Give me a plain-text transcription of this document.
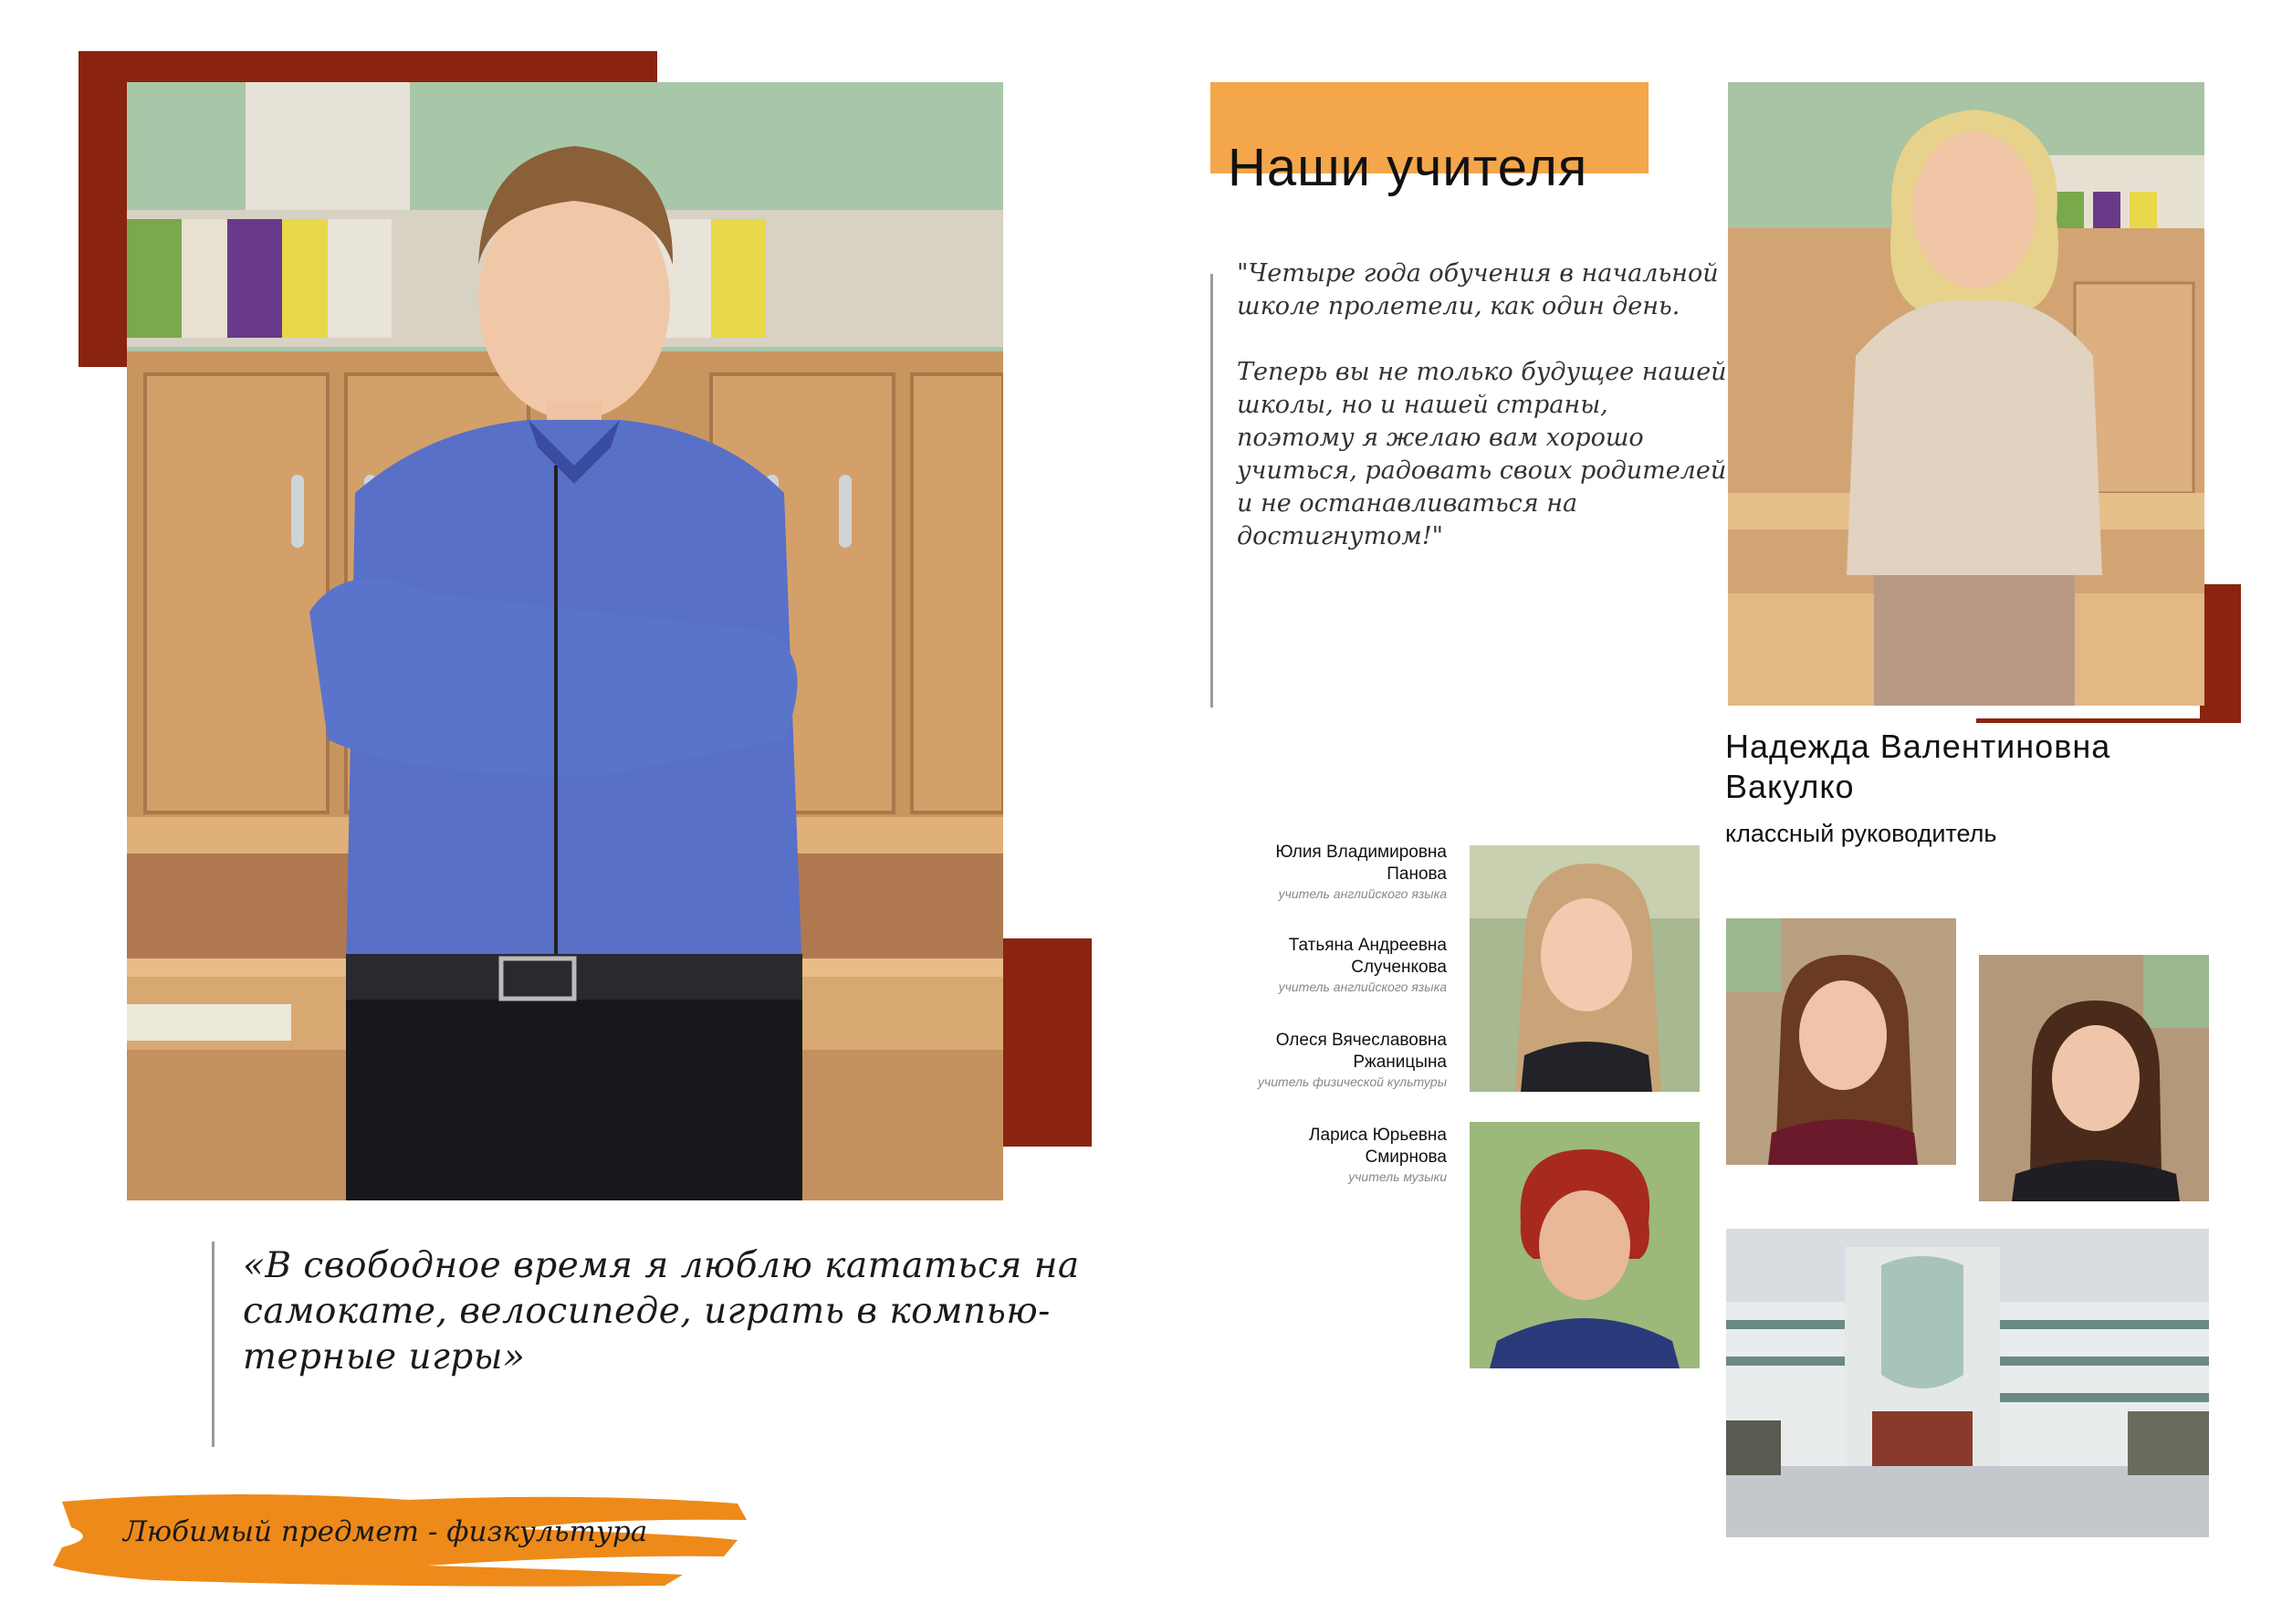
«В свободное время я люблю кататься на самокате, велосипеде, играть в компью-терные игры»
Любимый предмет - физкультура
Наши учителя
"Четыре года обучения в начальной школе пролетели, как один день.

Теперь вы не только будущее нашей школы, но и нашей страны, поэтому я желаю вам хорошо учиться, радовать своих родителей и не останавливаться на достигнутом!"
Надежда Валентиновна Вакулко
классный руководитель
Юлия Владимировна
Панова
учитель английского языка
Татьяна Андреевна
Слученкова
учитель английского языка
Олеся Вячеславовна
Ржаницына
учитель физической культуры
Лариса Юрьевна
Смирнова
учитель музыки
